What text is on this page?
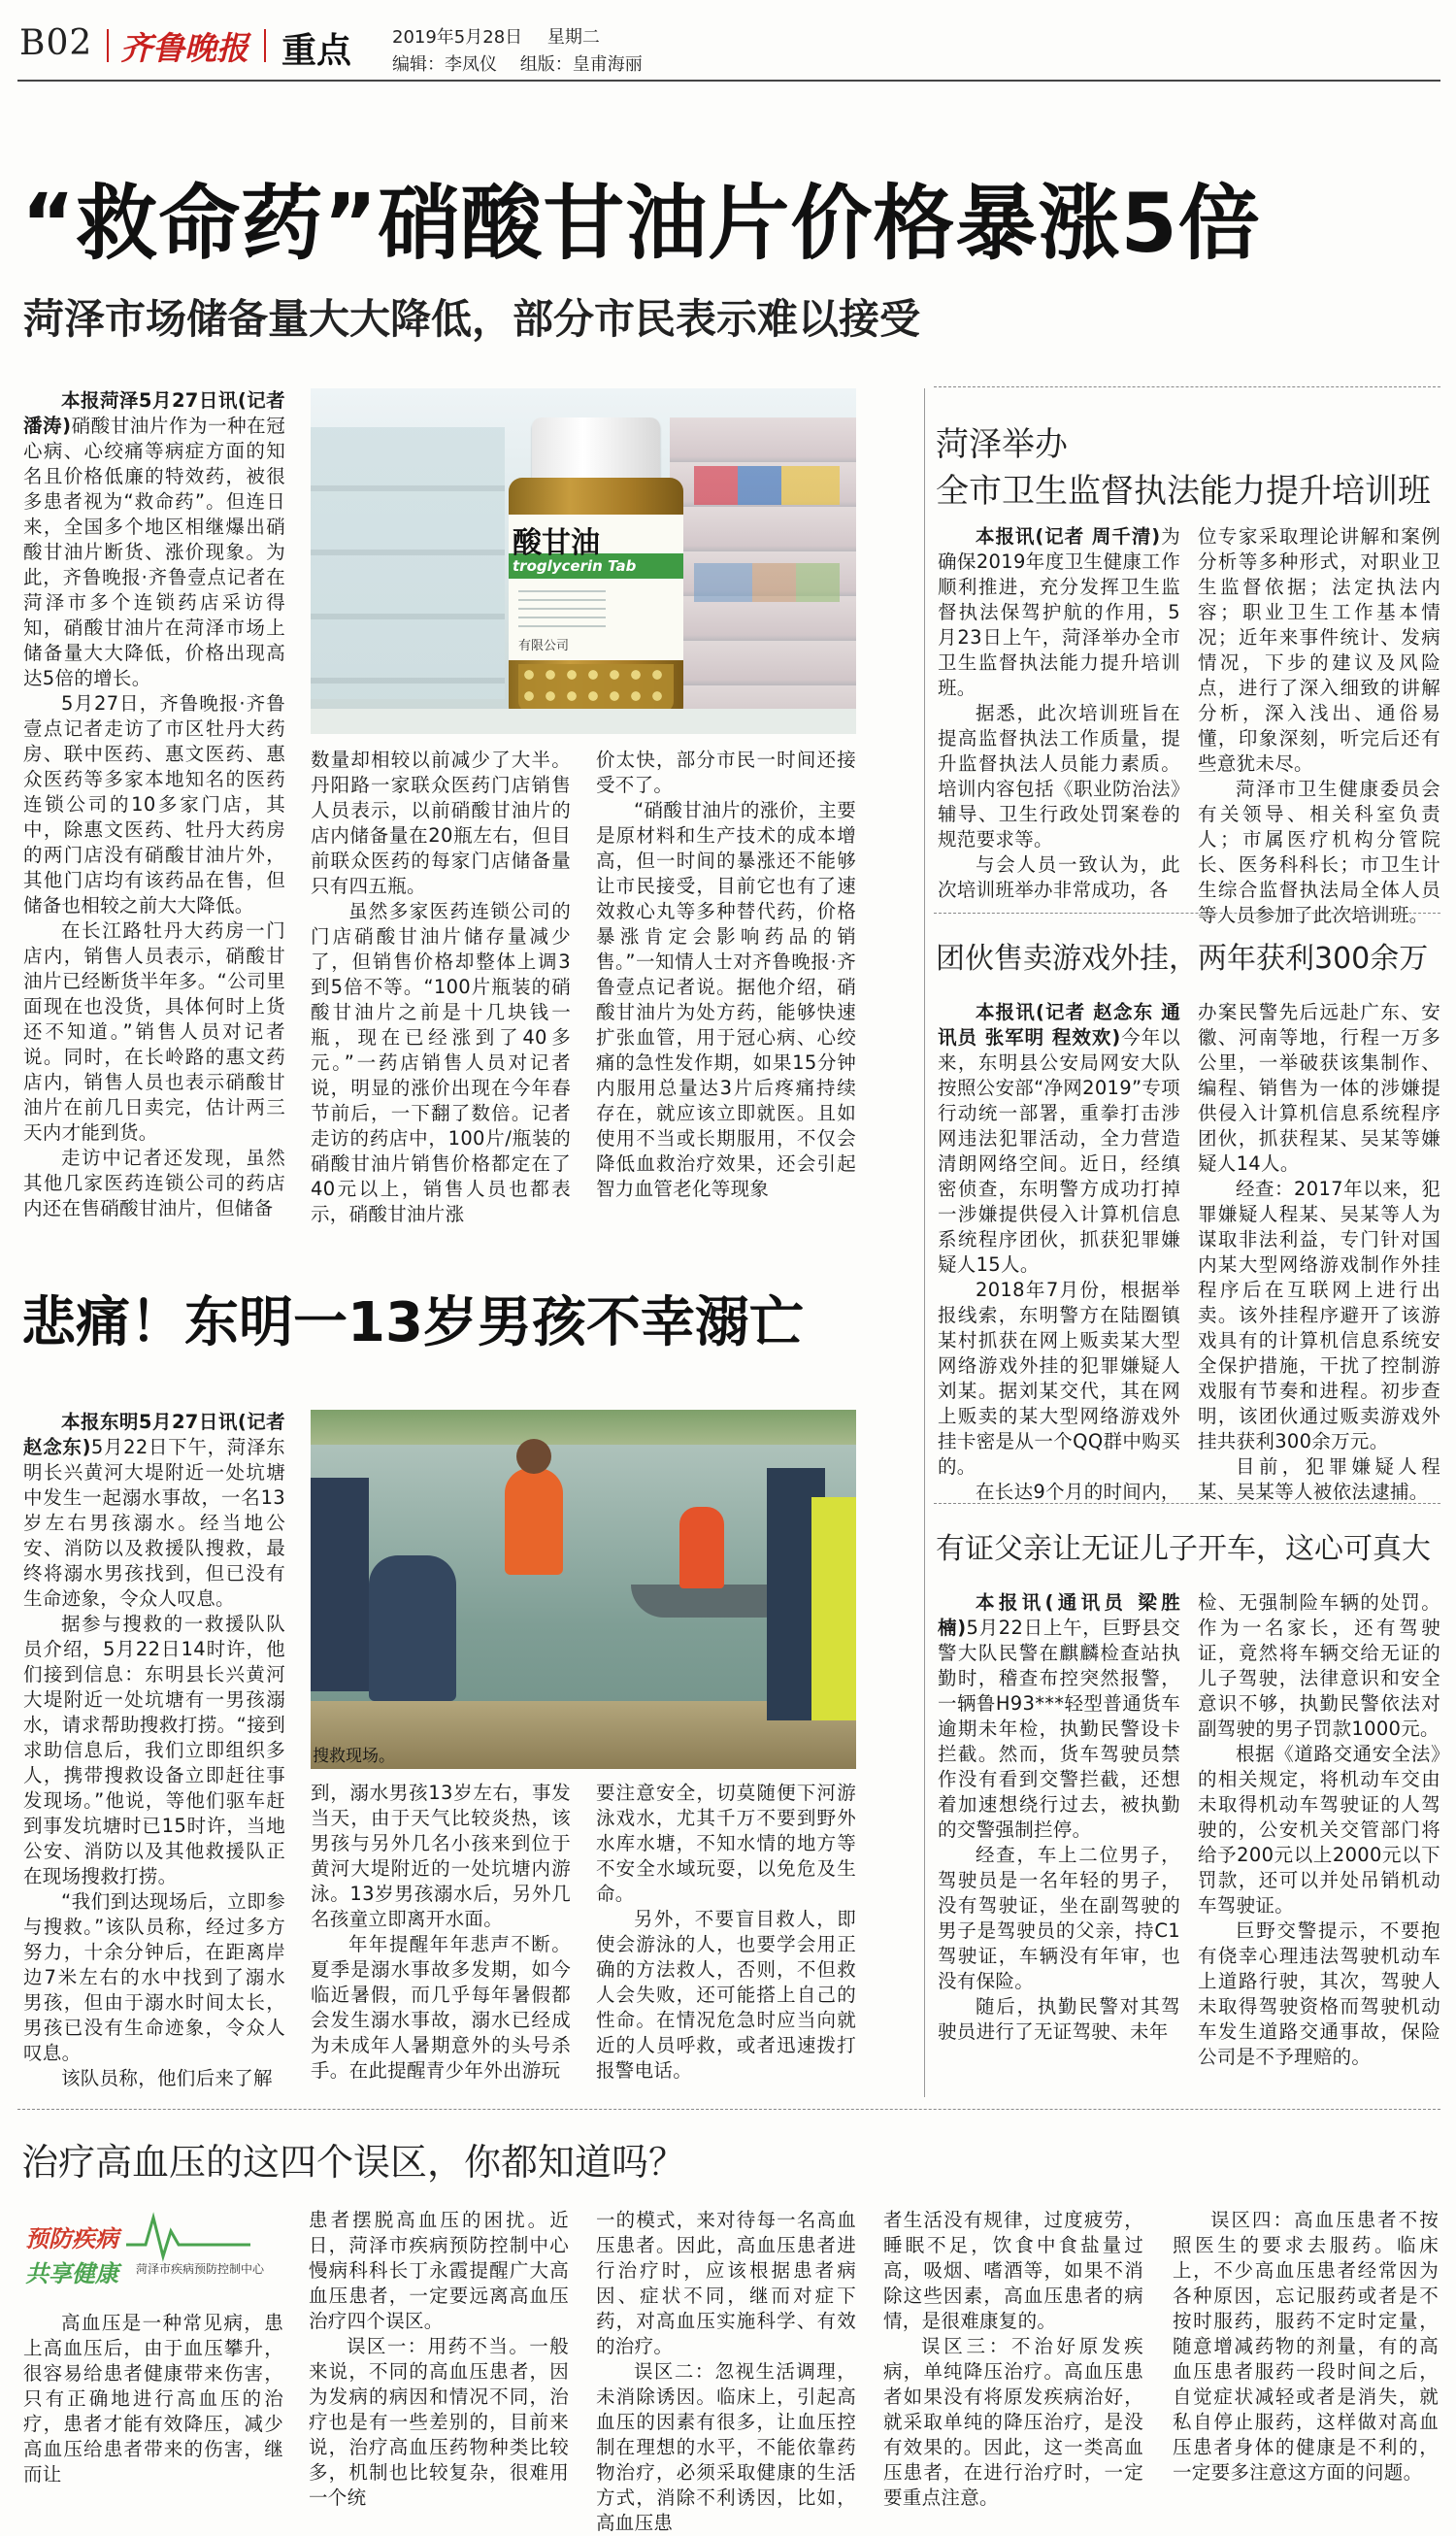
B02 齐鲁晚报 重点 2019年5月28日 星期二
编辑：李凤仪 组版：皇甫海丽
“救命药”硝酸甘油片价格暴涨5倍
菏泽市场储备量大大降低，部分市民表示难以接受
酸甘油
troglycerin Tab
有限公司

本报菏泽5月27日讯(记者 潘涛)硝酸甘油片作为一种在冠心病、心绞痛等病症方面的知名且价格低廉的特效药，被很多患者视为“救命药”。但连日来，全国多个地区相继爆出硝酸甘油片断货、涨价现象。为此，齐鲁晚报·齐鲁壹点记者在菏泽市多个连锁药店采访得知，硝酸甘油片在菏泽市场上储备量大大降低，价格出现高达5倍的增长。

5月27日，齐鲁晚报·齐鲁壹点记者走访了市区牡丹大药房、联中医药、惠文医药、惠众医药等多家本地知名的医药连锁公司的10多家门店，其中，除惠文医药、牡丹大药房的两门店没有硝酸甘油片外，其他门店均有该药品在售，但储备也相较之前大大降低。

在长江路牡丹大药房一门店内，销售人员表示，硝酸甘油片已经断货半年多。“公司里面现在也没货，具体何时上货还不知道。”销售人员对记者说。同时，在长岭路的惠文药店内，销售人员也表示硝酸甘油片在前几日卖完，估计两三天内才能到货。

走访中记者还发现，虽然其他几家医药连锁公司的药店内还在售硝酸甘油片，但储备

数量却相较以前减少了大半。丹阳路一家联众医药门店销售人员表示，以前硝酸甘油片的店内储备量在20瓶左右，但目前联众医药的每家门店储备量只有四五瓶。

虽然多家医药连锁公司的门店硝酸甘油片储存量减少了，但销售价格却整体上调3到5倍不等。“100片瓶装的硝酸甘油片之前是十几块钱一瓶，现在已经涨到了40多元。”一药店销售人员对记者说，明显的涨价出现在今年春节前后，一下翻了数倍。记者走访的药店中，100片/瓶装的硝酸甘油片销售价格都定在了40元以上，销售人员也都表示，硝酸甘油片涨

价太快，部分市民一时间还接受不了。

“硝酸甘油片的涨价，主要是原材料和生产技术的成本增高，但一时间的暴涨还不能够让市民接受，目前它也有了速效救心丸等多种替代药，价格暴涨肯定会影响药品的销售。”一知情人士对齐鲁晚报·齐鲁壹点记者说。据他介绍，硝酸甘油片为处方药，能够快速扩张血管，用于冠心病、心绞痛的急性发作期，如果15分钟内服用总量达3片后疼痛持续存在，就应该立即就医。且如使用不当或长期服用，不仅会降低血救治疗效果，还会引起智力血管老化等现象

悲痛！东明一13岁男孩不幸溺亡
搜救现场。

本报东明5月27日讯(记者 赵念东)5月22日下午，菏泽东明长兴黄河大堤附近一处坑塘中发生一起溺水事故，一名13岁左右男孩溺水。经当地公安、消防以及救援队搜救，最终将溺水男孩找到，但已没有生命迹象，令众人叹息。

据参与搜救的一救援队队员介绍，5月22日14时许，他们接到信息：东明县长兴黄河大堤附近一处坑塘有一男孩溺水，请求帮助搜救打捞。“接到求助信息后，我们立即组织多人，携带搜救设备立即赶往事发现场。”他说，等他们驱车赶到事发坑塘时已15时许，当地公安、消防以及其他救援队正在现场搜救打捞。

“我们到达现场后，立即参与搜救。”该队员称，经过多方努力，十余分钟后，在距离岸边7米左右的水中找到了溺水男孩，但由于溺水时间太长，男孩已没有生命迹象，令众人叹息。

该队员称，他们后来了解

到，溺水男孩13岁左右，事发当天，由于天气比较炎热，该男孩与另外几名小孩来到位于黄河大堤附近的一处坑塘内游泳。13岁男孩溺水后，另外几名孩童立即离开水面。

年年提醒年年悲声不断。夏季是溺水事故多发期，如今临近暑假，而几乎每年暑假都会发生溺水事故，溺水已经成为未成年人暑期意外的头号杀手。在此提醒青少年外出游玩

要注意安全，切莫随便下河游泳戏水，尤其千万不要到野外水库水塘，不知水情的地方等不安全水域玩耍，以免危及生命。

另外，不要盲目救人，即使会游泳的人，也要学会用正确的方法救人，否则，不但救人会失败，还可能搭上自己的性命。在情况危急时应当向就近的人员呼救，或者迅速拨打报警电话。

菏泽举办
全市卫生监督执法能力提升培训班

本报讯(记者 周千清)为确保2019年度卫生健康工作顺利推进，充分发挥卫生监督执法保驾护航的作用，5月23日上午，菏泽举办全市卫生监督执法能力提升培训班。

据悉，此次培训班旨在提高监督执法工作质量，提升监督执法人员能力素质。培训内容包括《职业防治法》辅导、卫生行政处罚案卷的规范要求等。

与会人员一致认为，此次培训班举办非常成功，各

位专家采取理论讲解和案例分析等多种形式，对职业卫生监督依据；法定执法内容；职业卫生工作基本情况；近年来事件统计、发病情况，下步的建议及风险点，进行了深入细致的讲解分析，深入浅出、通俗易懂，印象深刻，听完后还有些意犹未尽。

菏泽市卫生健康委员会有关领导、相关科室负责人；市属医疗机构分管院长、医务科科长；市卫生计生综合监督执法局全体人员等人员参加了此次培训班。

团伙售卖游戏外挂，两年获利300余万

本报讯(记者 赵念东 通讯员 张军明 程效欢)今年以来，东明县公安局网安大队按照公安部“净网2019”专项行动统一部署，重拳打击涉网违法犯罪活动，全力营造清朗网络空间。近日，经缜密侦查，东明警方成功打掉一涉嫌提供侵入计算机信息系统程序团伙，抓获犯罪嫌疑人15人。

2018年7月份，根据举报线索，东明警方在陆圈镇某村抓获在网上贩卖某大型网络游戏外挂的犯罪嫌疑人刘某。据刘某交代，其在网上贩卖的某大型网络游戏外挂卡密是从一个QQ群中购买的。

在长达9个月的时间内，

办案民警先后远赴广东、安徽、河南等地，行程一万多公里，一举破获该集制作、编程、销售为一体的涉嫌提供侵入计算机信息系统程序团伙，抓获程某、吴某等嫌疑人14人。

经查：2017年以来，犯罪嫌疑人程某、吴某等人为谋取非法利益，专门针对国内某大型网络游戏制作外挂程序后在互联网上进行出卖。该外挂程序避开了该游戏具有的计算机信息系统安全保护措施，干扰了控制游戏服有节奏和进程。初步查明，该团伙通过贩卖游戏外挂共获利300余万元。

目前，犯罪嫌疑人程某、吴某等人被依法逮捕。

有证父亲让无证儿子开车，这心可真大

本报讯(通讯员 梁胜楠)5月22日上午，巨野县交警大队民警在麒麟检查站执勤时，稽查布控突然报警，一辆鲁H93***轻型普通货车逾期未年检，执勤民警设卡拦截。然而，货车驾驶员禁作没有看到交警拦截，还想着加速想绕行过去，被执勤的交警强制拦停。

经查，车上二位男子，驾驶员是一名年轻的男子，没有驾驶证，坐在副驾驶的男子是驾驶员的父亲，持C1驾驶证，车辆没有年审，也没有保险。

随后，执勤民警对其驾驶员进行了无证驾驶、未年

检、无强制险车辆的处罚。作为一名家长，还有驾驶证，竟然将车辆交给无证的儿子驾驶，法律意识和安全意识不够，执勤民警依法对副驾驶的男子罚款1000元。

根据《道路交通安全法》的相关规定，将机动车交由未取得机动车驾驶证的人驾驶的，公安机关交管部门将给予200元以上2000元以下罚款，还可以并处吊销机动车驾驶证。

巨野交警提示，不要抱有侥幸心理违法驾驶机动车上道路行驶，其次，驾驶人未取得驾驶资格而驾驶机动车发生道路交通事故，保险公司是不予理赔的。

治疗高血压的这四个误区，你都知道吗？
预防疾病
共享健康 菏泽市疾病预防控制中心

高血压是一种常见病，患上高血压后，由于血压攀升，很容易给患者健康带来伤害，只有正确地进行高血压的治疗，患者才能有效降压，减少高血压给患者带来的伤害，继而让

患者摆脱高血压的困扰。近日，菏泽市疾病预防控制中心慢病科科长丁永霞提醒广大高血压患者，一定要远离高血压治疗四个误区。

误区一：用药不当。一般来说，不同的高血压患者，因为发病的病因和情况不同，治疗也是有一些差别的，目前来说，治疗高血压药物种类比较多，机制也比较复杂，很难用一个统

一的模式，来对待每一名高血压患者。因此，高血压患者进行治疗时，应该根据患者病因、症状不同，继而对症下药，对高血压实施科学、有效的治疗。

误区二：忽视生活调理，未消除诱因。临床上，引起高血压的因素有很多，让血压控制在理想的水平，不能依靠药物治疗，必须采取健康的生活方式，消除不利诱因，比如，高血压患

者生活没有规律，过度疲劳，睡眠不足，饮食中食盐量过高，吸烟、嗜酒等，如果不消除这些因素，高血压患者的病情，是很难康复的。

误区三：不治好原发疾病，单纯降压治疗。高血压患者如果没有将原发疾病治好，就采取单纯的降压治疗，是没有效果的。因此，这一类高血压患者，在进行治疗时，一定要重点注意。

误区四：高血压患者不按照医生的要求去服药。临床上，不少高血压患者经常因为各种原因，忘记服药或者是不按时服药，服药不定时定量，随意增减药物的剂量，有的高血压患者服药一段时间之后，自觉症状减轻或者是消失，就私自停止服药，这样做对高血压患者身体的健康是不利的，一定要多注意这方面的问题。
